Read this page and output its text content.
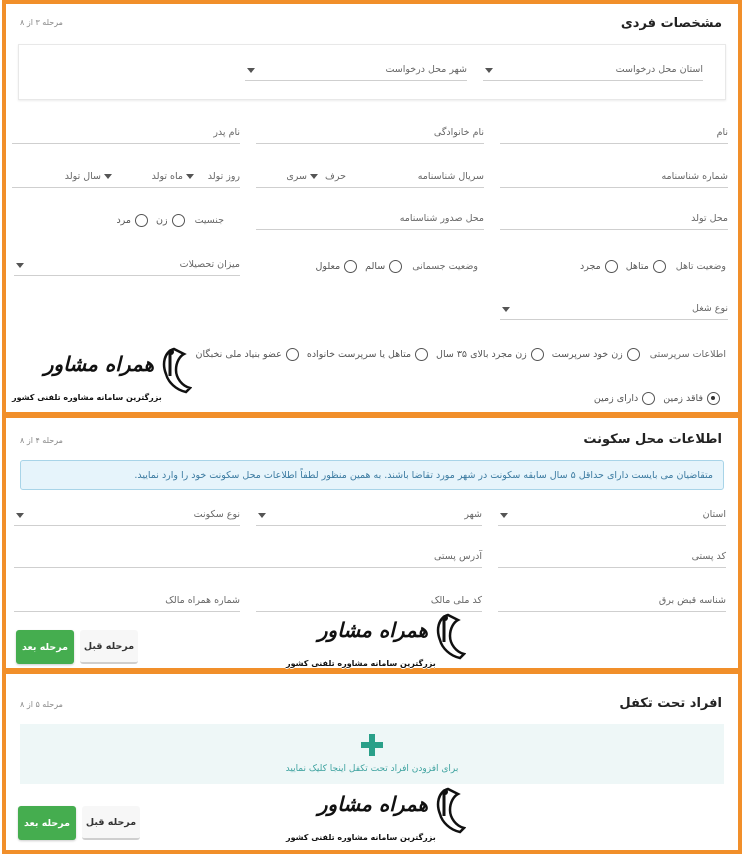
مشخصات فردی
مرحله ۳ از ۸
استان محل درخواست
شهر محل درخواست
نام
نام خانوادگی
نام پدر
شماره شناسنامه
سریال شناسنامه
حرف
سری
روز تولد
ماه تولد
سال تولد
محل تولد
محل صدور شناسنامه
جنسیت
زن
مرد
وضعیت تاهل
متاهل
مجرد
وضعیت جسمانی
سالم
معلول
میزان تحصیلات
نوع شغل
اطلاعات سرپرستی
زن خود سرپرست
زن مجرد بالای ۳۵ سال
متاهل یا سرپرست خانواده
عضو بنیاد ملی نخبگان
فاقد زمین
دارای زمین
همراه مشاور
بزرگترین سامانه مشاوره تلفنی کشور
اطلاعات محل سکونت
مرحله ۴ از ۸
متقاضیان می بایست دارای حداقل ۵ سال سابقه سکونت در شهر مورد تقاضا باشند. به همین منظور لطفاً اطلاعات محل سکونت خود را وارد نمایید.
استان
شهر
نوع سکونت
کد پستی
آدرس پستی
شناسه قبض برق
کد ملی مالک
شماره همراه مالک
مرحله بعد	مرحله قبل
همراه مشاور
بزرگترین سامانه مشاوره تلفنی کشور
افراد تحت تکفل
مرحله ۵ از ۸
برای افزودن افراد تحت تکفل اینجا کلیک نمایید
مرحله بعد	مرحله قبل
همراه مشاور
بزرگترین سامانه مشاوره تلفنی کشور
